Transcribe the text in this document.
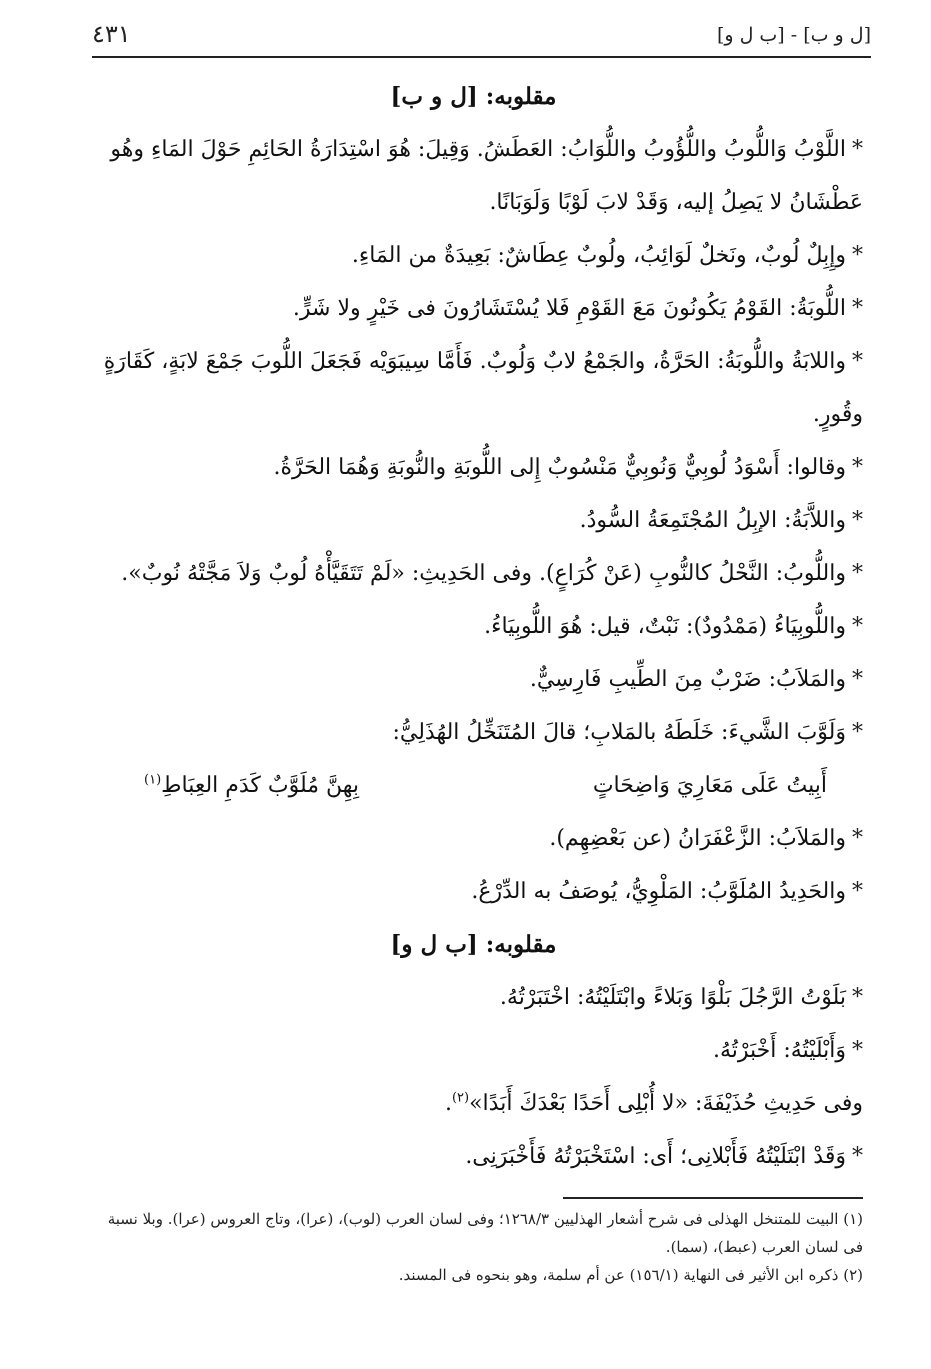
[ل و ب] - [ب ل و]
٤٣١
مقلوبه: [ل و ب]

*اللَّوْبُ وَاللُّوبُ واللُّؤُوبُ واللُّوَابُ: العَطَشُ. وَقِيلَ: هُوَ اسْتِدَارَةُ الحَائِمِ حَوْلَ المَاءِ وهُو عَطْشَانُ لا يَصِلُ إليه، وَقَدْ لابَ لَوْبًا وَلَوَبَانًا.

*وإِبِلٌ لُوبٌ، ونَخلٌ لَوَائِبُ، ولُوبٌ عِطَاشٌ: بَعِيدَةٌ من المَاءِ.

*اللُّوبَةُ: القَوْمُ يَكُونُونَ مَعَ القَوْمِ فَلا يُسْتَشَارُونَ فى خَيْرٍ ولا شَرٍّ.

*واللابَةُ واللُّوبَةُ: الحَرَّةُ، والجَمْعُ لابٌ وَلُوبٌ. فَأَمَّا سِيبَوَيْه فَجَعَلَ اللُّوبَ جَمْعَ لابَةٍ، كَقَارَةٍ وقُورٍ.

*وقالوا: أَسْوَدُ لُوبِيٌّ وَنُوبِيٌّ مَنْسُوبٌ إِلى اللُّوبَةِ والنُّوبَةِ وَهُمَا الحَرَّةُ.

*واللاَّبَةُ: الإبِلُ المُجْتَمِعَةُ السُّودُ.

*واللُّوبُ: النَّحْلُ كالنُّوبِ (عَنْ كُرَاعٍ). وفى الحَدِيثِ: «لَمْ تَتَقَيَّأْهُ لُوبٌ وَلاَ مَجَّتْهُ نُوبٌ».

*واللُّوبِيَاءُ (مَمْدُودٌ): نَبْتٌ، قيل: هُوَ اللُّوبِيَاءُ.

*والمَلاَبُ: ضَرْبٌ مِنَ الطِّيبِ فَارِسِيٌّ.

*وَلَوَّبَ الشَّيءَ: خَلَطَهُ بالمَلابِ؛ قالَ المُتَنَخِّلُ الهُذَلِيُّ:

أَبِيتُ عَلَى مَعَارِيَ وَاضِحَاتٍ
بِهِنَّ مُلَوَّبٌ كَدَمِ العِبَاطِ$^{(١)}$

*والمَلاَبُ: الزَّعْفَرَانُ (عن بَعْضِهِم).

*والحَدِيدُ المُلَوَّبُ: المَلْوِيُّ، يُوصَفُ به الدِّرْعُ.

مقلوبه: [ب ل و]

*بَلَوْتُ الرَّجُلَ بَلْوًا وَبَلاءً وابْتَلَيْتُهُ: اخْتَبَرْتُهُ.

*وَأَبْلَيْتُهُ: أَخْبَرْتُهُ.

وفى حَدِيثِ حُذَيْفَةَ: «لا أُبْلِى أَحَدًا بَعْدَكَ أَبَدًا»$^{(٢)}$.

*وَقَدْ ابْتَلَيْتُهُ فَأَبْلانِى؛ أَى: اسْتَخْبَرْتُهُ فَأَخْبَرَنِى.

(١) البيت للمتنخل الهذلى فى شرح أشعار الهذليين ١٢٦٨/٣؛ وفى لسان العرب (لوب)، (عرا)، وتاج العروس (عرا). وبلا نسبة فى لسان العرب (عبط)، (سما).

(٢) ذكره ابن الأثير فى النهاية (١٥٦/١) عن أم سلمة، وهو بنحوه فى المسند.
